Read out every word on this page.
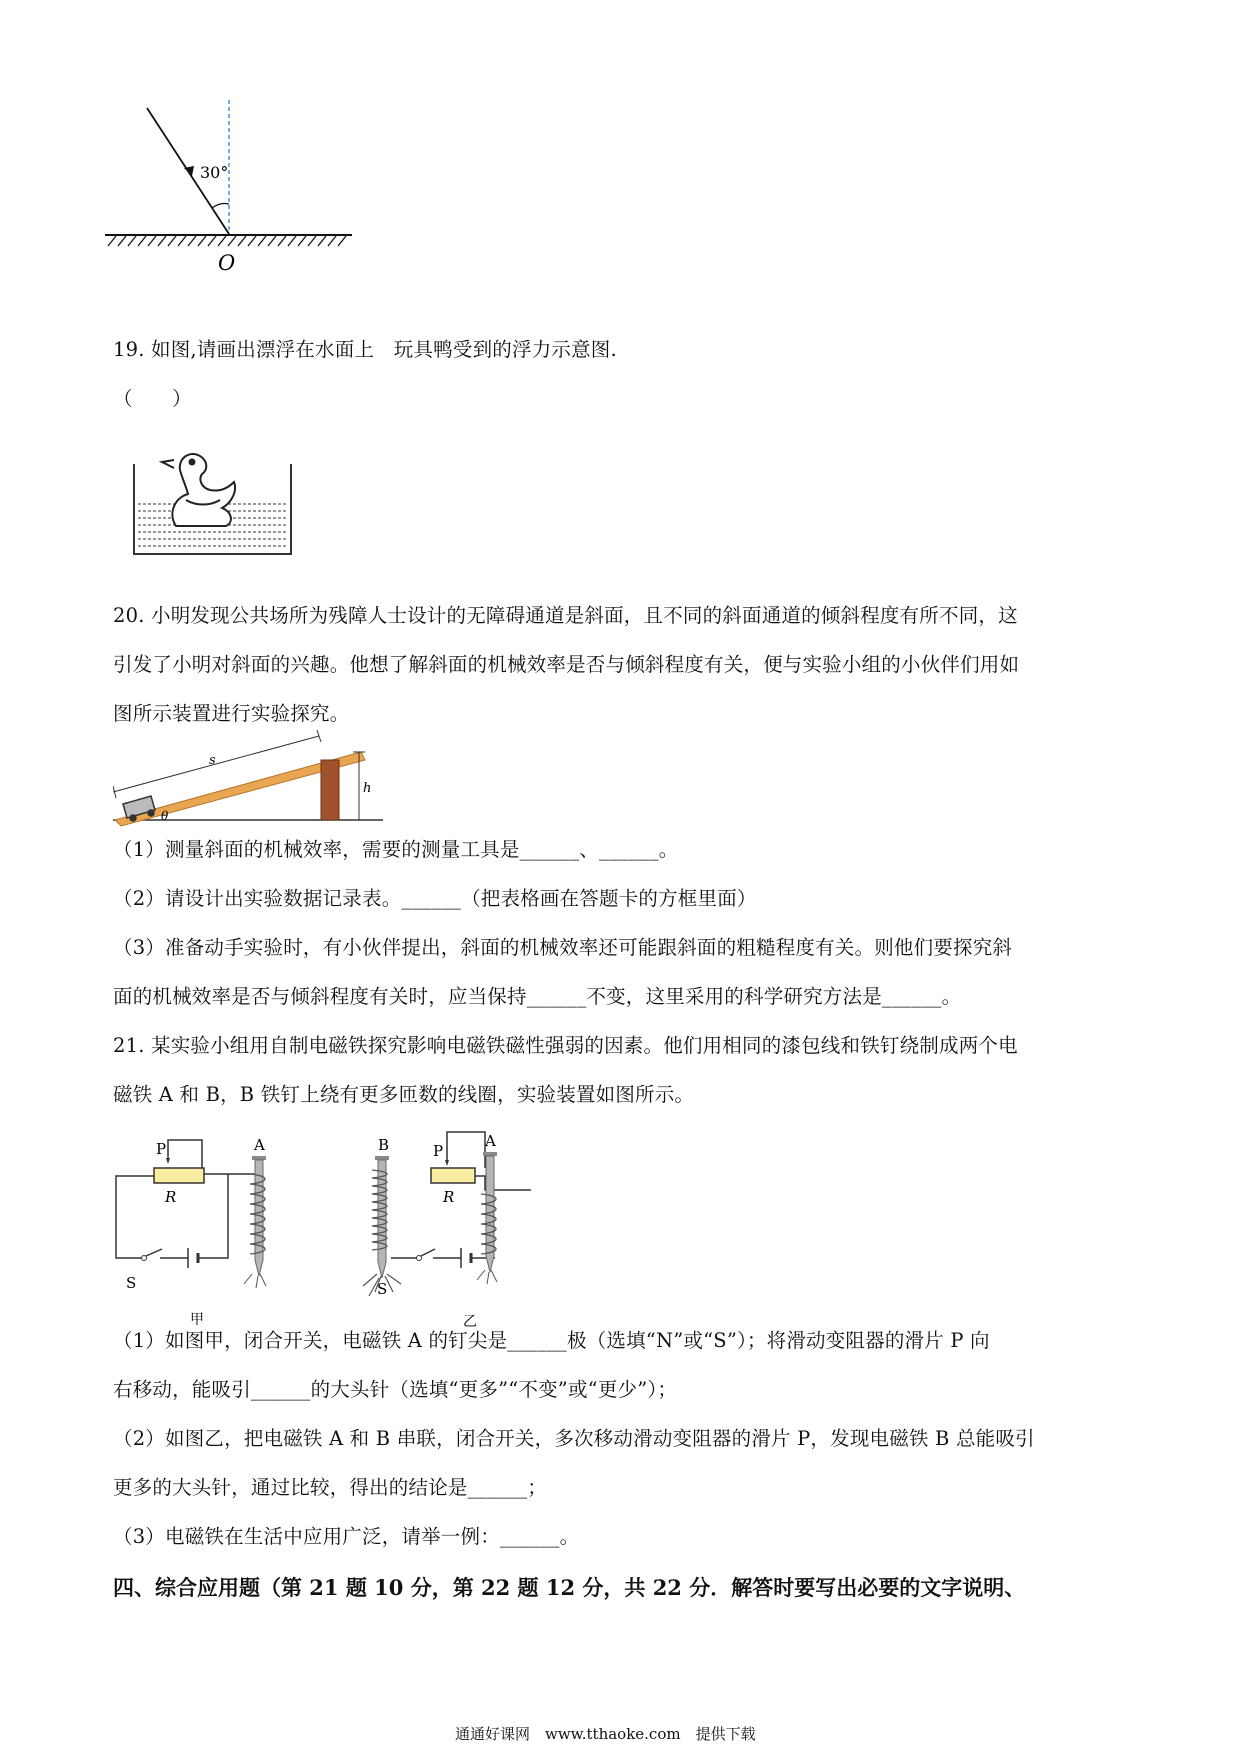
30°
O
19. 如图,请画出漂浮在水面上　玩具鸭受到的浮力示意图.
（　　）
20. 小明发现公共场所为残障人士设计的无障碍通道是斜面，且不同的斜面通道的倾斜程度有所不同，这
引发了小明对斜面的兴趣。他想了解斜面的机械效率是否与倾斜程度有关，便与实验小组的小伙伴们用如
图所示装置进行实验探究。
s
h
θ
（1）测量斜面的机械效率，需要的测量工具是______、______。
（2）请设计出实验数据记录表。______（把表格画在答题卡的方框里面）
（3）准备动手实验时，有小伙伴提出，斜面的机械效率还可能跟斜面的粗糙程度有关。则他们要探究斜
面的机械效率是否与倾斜程度有关时，应当保持______不变，这里采用的科学研究方法是______。
21. 某实验小组用自制电磁铁探究影响电磁铁磁性强弱的因素。他们用相同的漆包线和铁钉绕制成两个电
磁铁 A 和 B，B 铁钉上绕有更多匝数的线圈，实验装置如图所示。
P
R
S
A
甲
B	P
R
S
A
乙
（1）如图甲，闭合开关，电磁铁 A 的钉尖是______极（选填“N”或“S”）；将滑动变阻器的滑片 P 向
右移动，能吸引______的大头针（选填“更多”“不变”或“更少”）；
（2）如图乙，把电磁铁 A 和 B 串联，闭合开关，多次移动滑动变阻器的滑片 P，发现电磁铁 B 总能吸引
更多的大头针，通过比较，得出的结论是______；
（3）电磁铁在生活中应用广泛，请举一例：______。
四、综合应用题（第 21 题 10 分，第 22 题 12 分，共 22 分．解答时要写出必要的文字说明、
通通好课网　www.tthaoke.com　提供下载
